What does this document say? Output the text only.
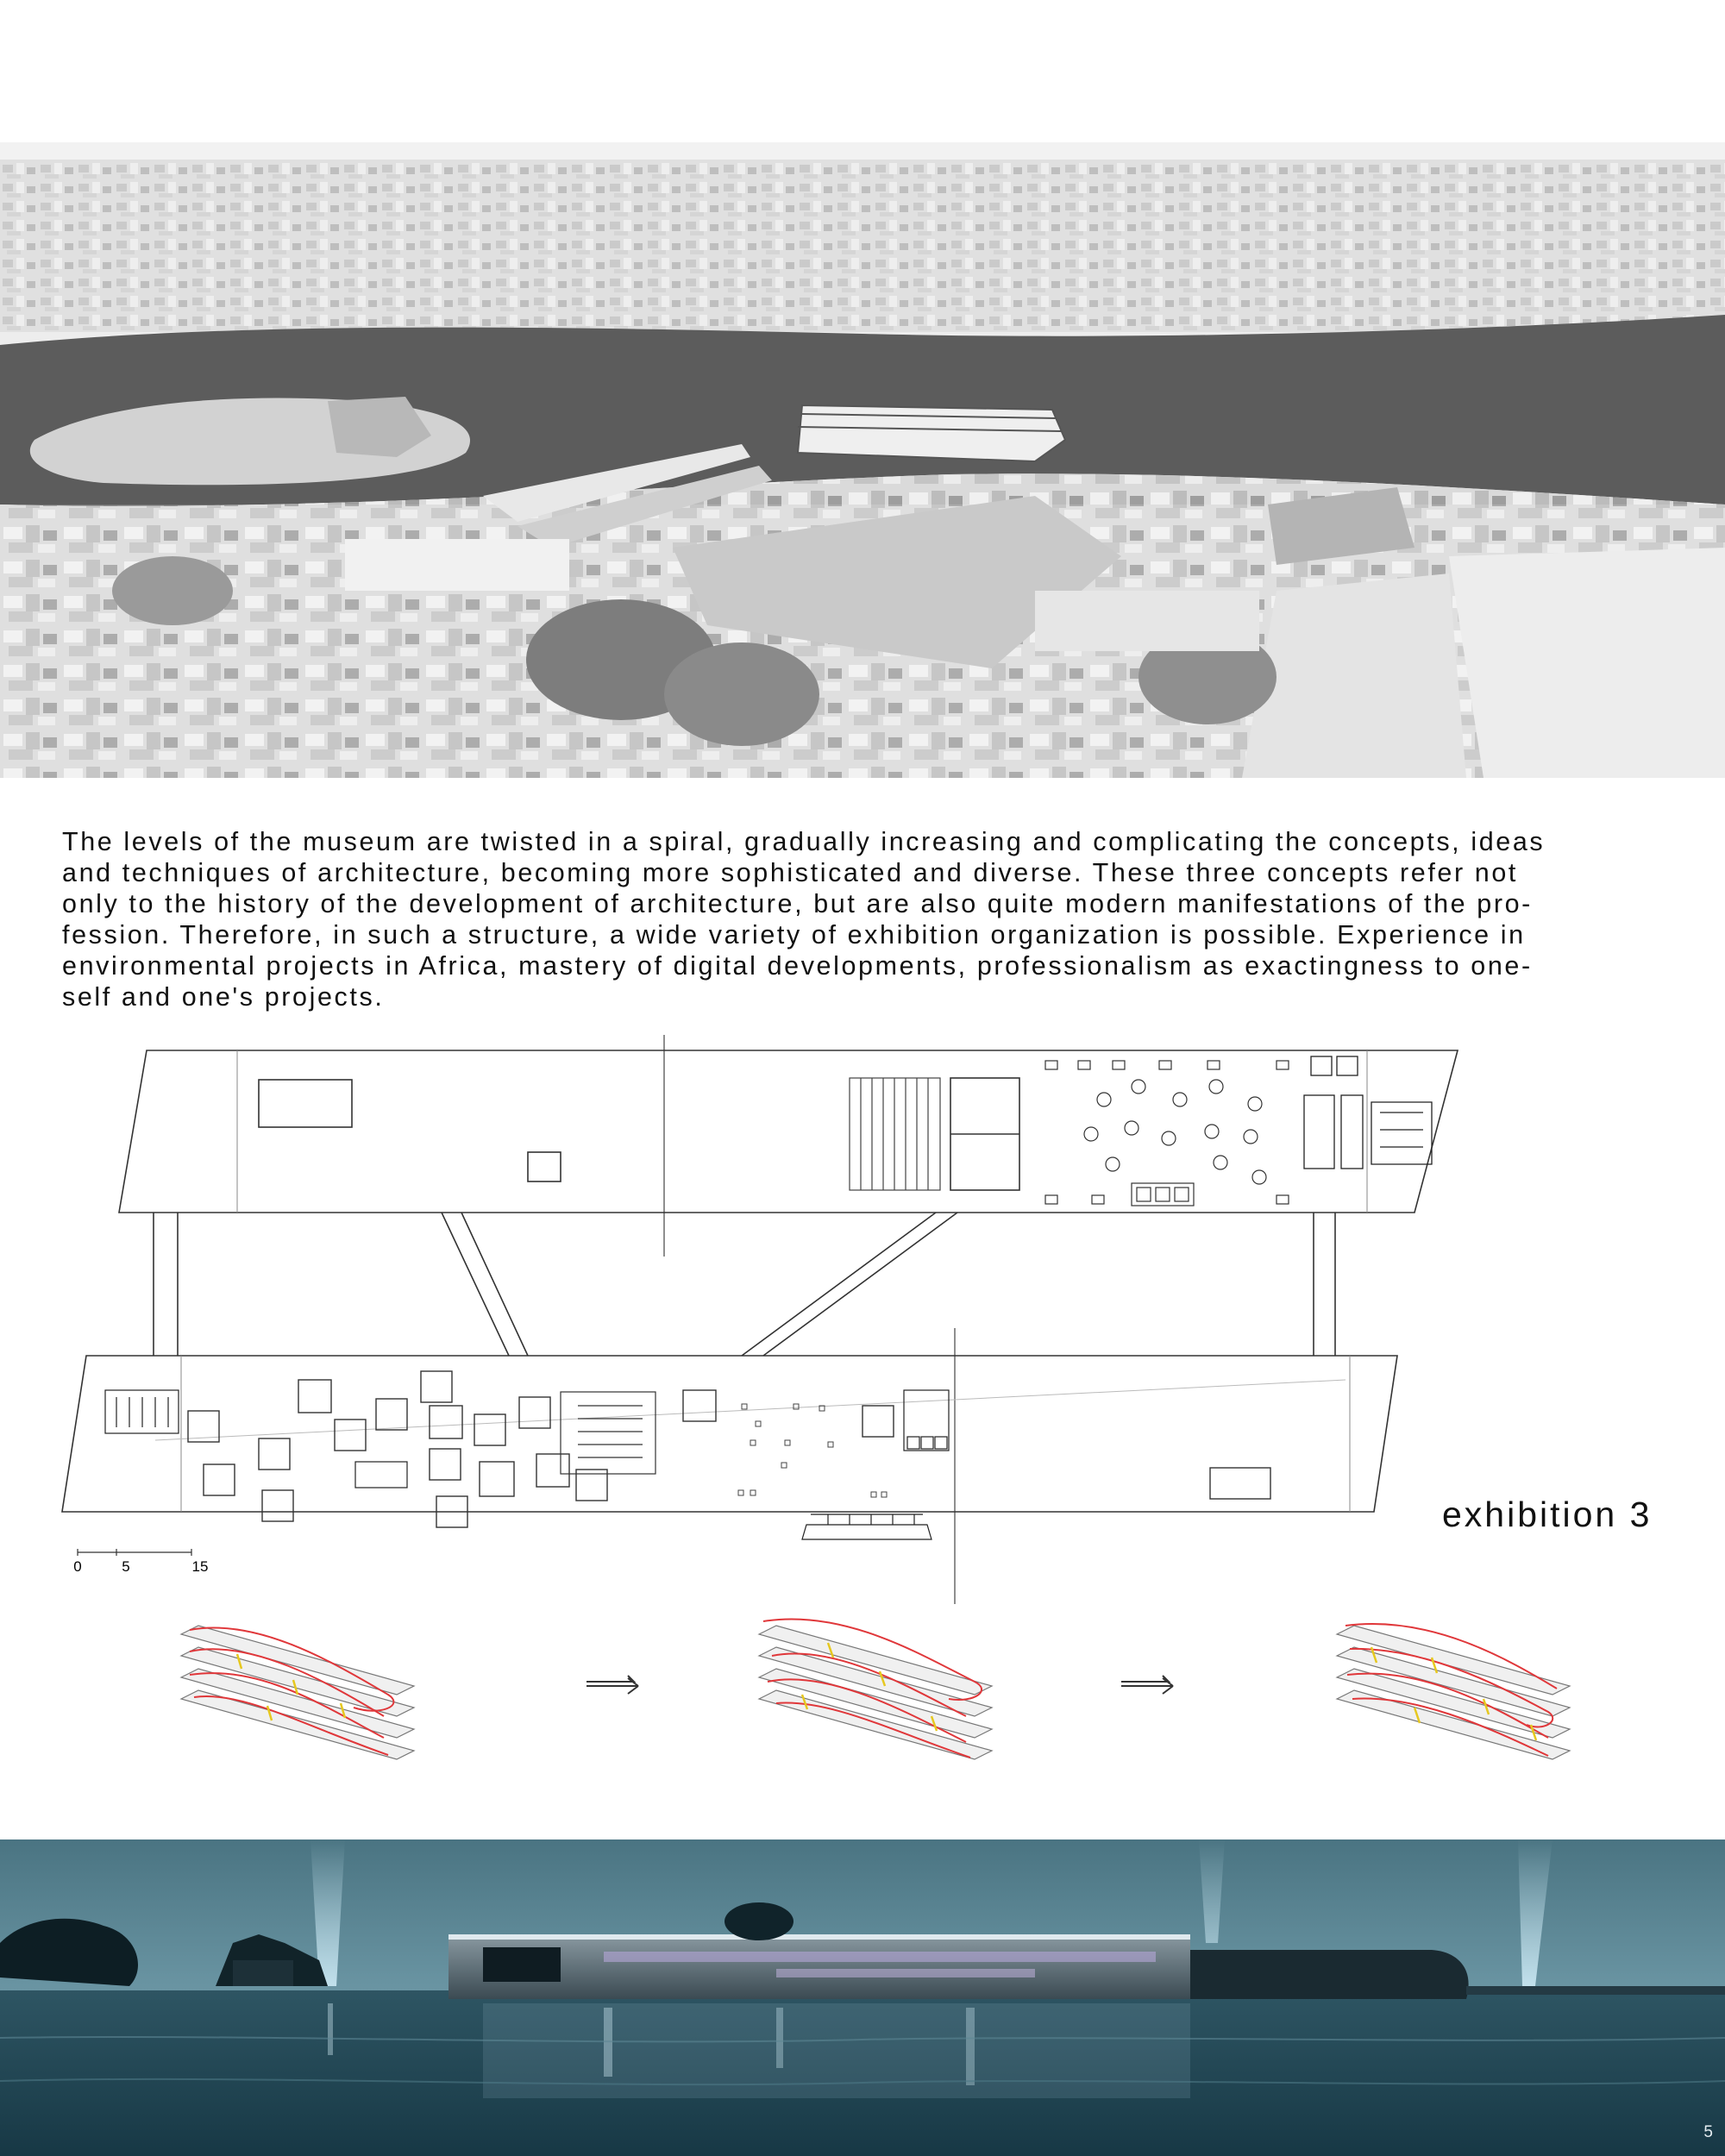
The levels of the museum are twisted in a spiral, gradually increasing and complicating the concepts, ideas
and techniques of architecture, becoming more sophisticated and diverse. These three concepts refer not
only to the history of the development of architecture, but are also quite modern manifestations of the pro-
fession. Therefore, in such a structure, a wide variety of exhibition organization is possible. Experience in
environmental projects in Africa, mastery of digital developments, professionalism as exactingness to one-
self and one's projects.

0	5	15
exhibition 3
5
